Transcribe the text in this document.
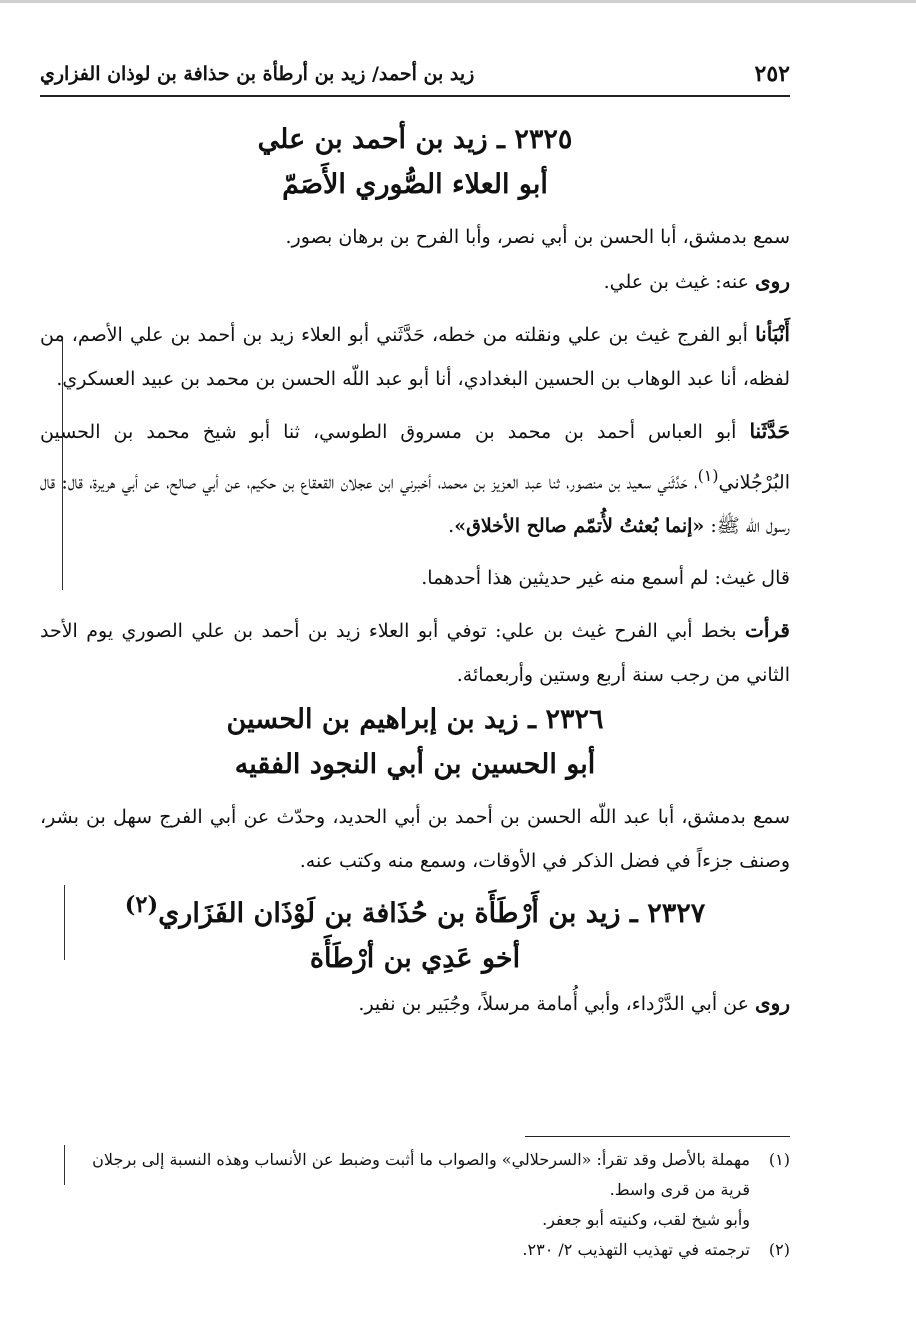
٢٥٢
زيد بن أحمد/ زيد بن أرطأة بن حذافة بن لوذان الفزاري
٢٣٢٥ ـ زيد بن أحمد بن علي
أبو العلاء الصُّوري الأَصَمّ

سمع بدمشق، أبا الحسن بن أبي نصر، وأبا الفرح بن برهان بصور.

روى عنه: غيث بن علي.

أَنْبَأنا أبو الفرج غيث بن علي ونقلته من خطه، حَدَّثَني أبو العلاء زيد بن أحمد بن علي الأصم، من لفظه، أنا عبد الوهاب بن الحسين البغدادي، أنا أبو عبد اللّه الحسن بن محمد بن عبيد العسكري.

حَدَّثَنا أبو العباس أحمد بن محمد بن مسروق الطوسي، ثنا أبو شيخ محمد بن الحسين البُرْجُلاني$^{(١)}$، حَدَّثَني سعيد بن منصور، ثنا عبد العزيز بن محمد، أخبرني ابن عجلان القعقاع بن حكيم، عن أبي صالح، عن أبي هريرة، قال: قال رسول الله ﷺ: «إنما بُعثتُ لأُتمّم صالح الأخلاق».

قال غيث: لم أسمع منه غير حديثين هذا أحدهما.

قرأت بخط أبي الفرح غيث بن علي: توفي أبو العلاء زيد بن أحمد بن علي الصوري يوم الأحد الثاني من رجب سنة أربع وستين وأربعمائة.

٢٣٢٦ ـ زيد بن إبراهيم بن الحسين
أبو الحسين بن أبي النجود الفقيه

سمع بدمشق، أبا عبد اللّه الحسن بن أحمد بن أبي الحديد، وحدّث عن أبي الفرج سهل بن بشر، وصنف جزءاً في فضل الذكر في الأوقات، وسمع منه وكتب عنه.

٢٣٢٧ ـ زيد بن أَرْطَأَة بن حُذَافة بن لَوْذَان الفَزَاري$^{(٢)}$
أخو عَدِي بن أرْطَأَة

روى عن أبي الدَّرْداء، وأبي أُمامة مرسلاً، وجُبَير بن نفير.

(١)
مهملة بالأصل وقد تقرأ: «السرحلالي» والصواب ما أثبت وضبط عن الأنساب وهذه النسبة إلى برجلان
قرية من قرى واسط.
وأبو شيخ لقب، وكنيته أبو جعفر.
(٢)
ترجمته في تهذيب التهذيب ٢/ ٢٣٠.
